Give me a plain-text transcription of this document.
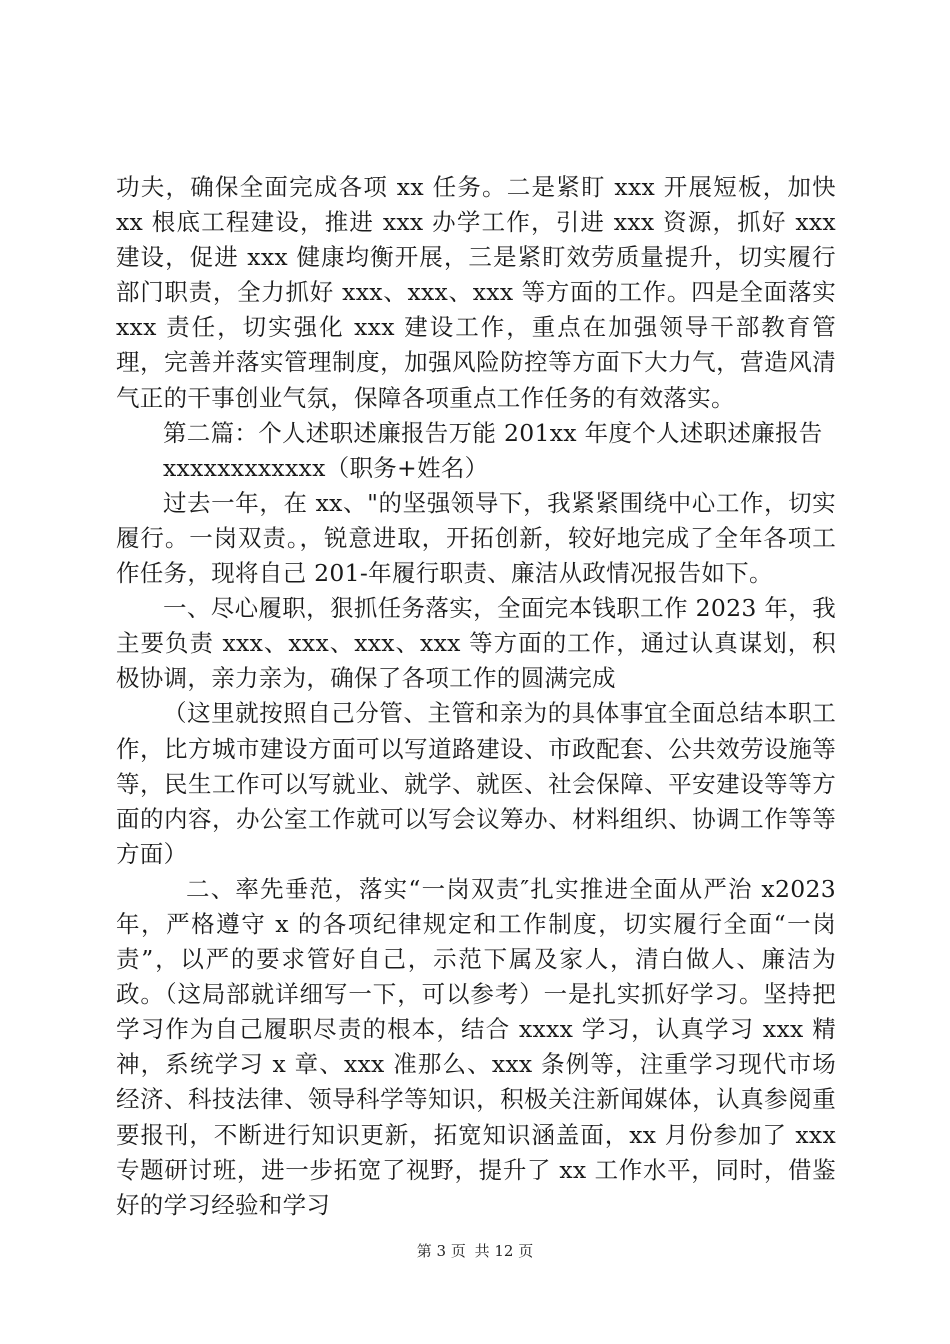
功夫，确保全面完成各项 xx 任务。二是紧盯 xxx 开展短板，加快 xx 根底工程建设，推进 xxx 办学工作，引进 xxx 资源，抓好 xxx 建设，促进 xxx 健康均衡开展，三是紧盯效劳质量提升，切实履行部门职责，全力抓好 xxx、xxx、xxx 等方面的工作。四是全面落实 xxx 责任，切实强化 xxx 建设工作，重点在加强领导干部教育管理，完善并落实管理制度，加强风险防控等方面下大力气，营造风清气正的干事创业气氛，保障各项重点工作任务的有效落实。

第二篇：个人述职述廉报告万能 201xx 年度个人述职述廉报告

xxxxxxxxxxxx（职务+姓名）

过去一年，在 xx、"的坚强领导下，我紧紧围绕中心工作，切实履行。一岗双责。，锐意进取，开拓创新，较好地完成了全年各项工作任务，现将自己 201-年履行职责、廉洁从政情况报告如下。

一、尽心履职，狠抓任务落实，全面完本钱职工作 2023 年，我主要负责 xxx、xxx、xxx、xxx 等方面的工作，通过认真谋划，积极协调，亲力亲为，确保了各项工作的圆满完成

（这里就按照自己分管、主管和亲为的具体事宜全面总结本职工作，比方城市建设方面可以写道路建设、市政配套、公共效劳设施等等，民生工作可以写就业、就学、就医、社会保障、平安建设等等方面的内容，办公室工作就可以写会议筹办、材料组织、协调工作等等方面）

二、率先垂范，落实“一岗双责″扎实推进全面从严治 x2023 年，严格遵守 x 的各项纪律规定和工作制度，切实履行全面“一岗责”，以严的要求管好自己，示范下属及家人，清白做人、廉洁为政。（这局部就详细写一下，可以参考）一是扎实抓好学习。坚持把学习作为自己履职尽责的根本，结合 xxxx 学习，认真学习 xxx 精神，系统学习 x 章、xxx 准那么、xxx 条例等，注重学习现代市场经济、科技法律、领导科学等知识，积极关注新闻媒体，认真参阅重要报刊，不断进行知识更新，拓宽知识涵盖面，xx 月份参加了 xxx 专题研讨班，进一步拓宽了视野，提升了 xx 工作水平，同时，借鉴好的学习经验和学习

第 3 页 共 12 页
